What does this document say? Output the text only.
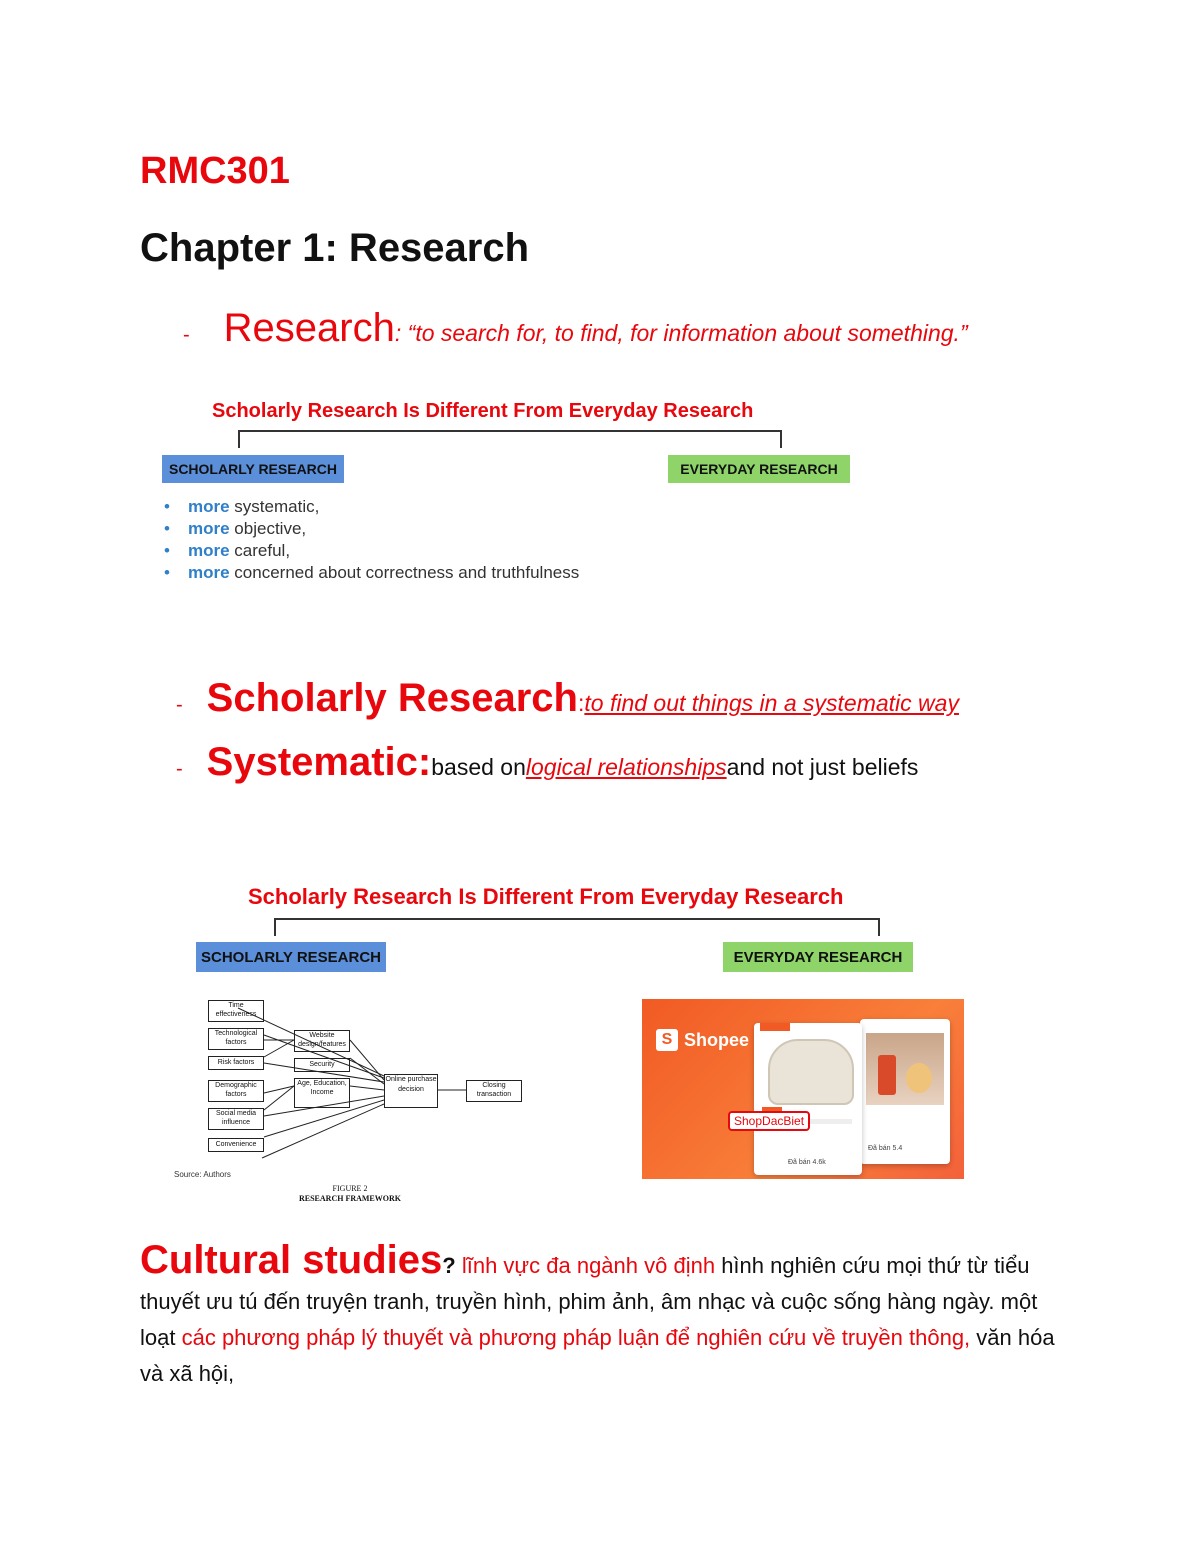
RMC301
Chapter 1: Research
- Research : “to search for, to find, for information about something.”
Scholarly Research Is Different From Everyday Research
SCHOLARLY RESEARCH	EVERYDAY RESEARCH
• more systematic,
• more objective,
• more careful,
• more concerned about correctness and truthfulness
- Scholarly Research : to find out things in a systematic way
- Systematic: based on logical relationships and not just beliefs
Scholarly Research Is Different From Everyday Research
SCHOLARLY RESEARCH	EVERYDAY RESEARCH
Time effectiveness
Technological factors
Risk factors
Demographic factors
Social media influence
Convenience
Website design/features
Security
Age, Education, Income
Online purchase decision
Closing transaction
Source: Authors
FIGURE 2
RESEARCH FRAMEWORK
S Shopee
Đã bán 5.4
Đã bán 4.6k
ShopDacBiet
Cultural studies? lĩnh vực đa ngành vô định hình nghiên cứu mọi thứ từ tiểu thuyết ưu tú đến truyện tranh, truyền hình, phim ảnh, âm nhạc và cuộc sống hàng ngày. một loạt các phương pháp lý thuyết và phương pháp luận để nghiên cứu về truyền thông, văn hóa và xã hội,
